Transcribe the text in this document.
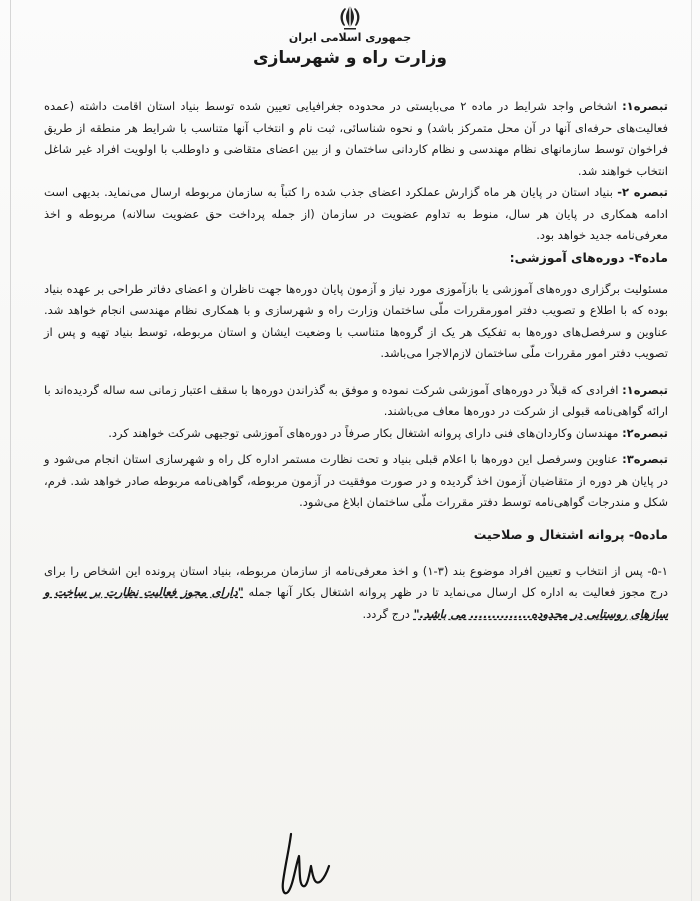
جمهوری اسلامی ایران
وزارت راه و شهرسازی

تبصره۱: اشخاص واجد شرایط در ماده ۲ می‌بایستی در محدوده جغرافیایی تعیین شده توسط بنیاد استان اقامت داشته (عمده فعالیت‌های حرفه‌ای آنها در آن محل متمرکز باشد) و نحوه شناسائی، ثبت نام و انتخاب آنها متناسب با شرایط هر منطقه از طریق فراخوان توسط سازمانهای نظام مهندسی و نظام کاردانی ساختمان و از بین اعضای متقاضی و داوطلب با اولویت افراد غیر شاغل انتخاب خواهند شد.

تبصره ۲- بنیاد استان در پایان هر ماه گزارش عملکرد اعضای جذب شده را کتباً به سازمان مربوطه ارسال می‌نماید. بدیهی است ادامه همکاری در پایان هر سال، منوط به تداوم عضویت در سازمان (از جمله پرداخت حق عضویت سالانه) مربوطه و اخذ معرفی‌نامه جدید خواهد بود.

ماده۴- دوره‌های آموزشی:

مسئولیت برگزاری دوره‌های آموزشی یا بازآموزی مورد نیاز و آزمون پایان دوره‌ها جهت ناظران و اعضای دفاتر طراحی بر عهده بنیاد بوده که با اطلاع و تصویب دفتر امورمقررات ملّی ساختمان وزارت راه و شهرسازی و با همکاری نظام مهندسی انجام خواهد شد. عناوین و سرفصل‌های دوره‌ها به تفکیک هر یک از گروه‌ها متناسب با وضعیت ایشان و استان مربوطه، توسط بنیاد تهیه و پس از تصویب دفتر امور مقررات ملّی ساختمان لازم‌الاجرا می‌باشد.

تبصره۱: افرادی که قبلاً در دوره‌های آموزشی شرکت نموده و موفق به گذراندن دوره‌ها با سقف اعتبار زمانی سه ساله گردیده‌اند با ارائه گواهی‌نامه قبولی از شرکت در دوره‌ها معاف می‌باشند.

تبصره۲: مهندسان وکاردان‌های فنی دارای پروانه اشتغال بکار صرفاً در دوره‌های آموزشی توجیهی شرکت خواهند کرد.

تبصره۳: عناوین وسرفصل این دوره‌ها با اعلام قبلی بنیاد و تحت نظارت مستمر اداره کل راه و شهرسازی استان انجام می‌شود و در پایان هر دوره از متقاضیان آزمون اخذ گردیده و در صورت موفقیت در آزمون مربوطه، گواهی‌نامه مربوطه صادر خواهد شد. فرم، شکل و مندرجات گواهی‌نامه توسط دفتر مقررات ملّی ساختمان ابلاغ می‌شود.

ماده۵- پروانه اشتغال و صلاحیت

۵-۱- پس از انتخاب و تعیین افراد موضوع بند (۳-۱) و اخذ معرفی‌نامه از سازمان مربوطه، بنیاد استان پرونده این اشخاص را برای درج مجوز فعالیت به اداره کل ارسال می‌نماید تا در ظهر پروانه اشتغال بکار آنها جمله "دارای مجوز فعالیت نظارت بر ساخت و سازهای روستایی در محدوده.............. می باشد." درج گردد.
